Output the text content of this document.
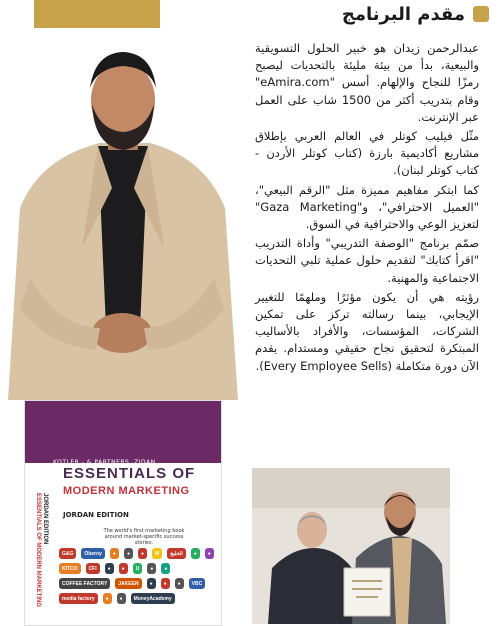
مقدم البرنامج
ESSENTIALS OF
MODERN MARKETING
JORDAN EDITION
The world's first marketing book around market-specific success stories.
ESSENTIALS OF MODERN MARKETING JORDAN EDITION
G&G	Oberoy	●	●	●	M	الخليج	●	●
KITCO	CFI	●	●	U	●	●
COFFEE FACTORY	JAKEEN	●	●	●	VBC
media factory	●	●	MoneyAcademy

عبدالرحمن زيدان هو خبير الحلول التسويقية والبيعية، بدأ من بيئة مليئة بالتحديات ليصبح رمزًا للنجاح والإلهام. أسس "eAmira.com" وقام بتدريب أكثر من 1500 شاب على العمل عبر الإنترنت.

مثّل فيليب كوتلر في العالم العربي بإطلاق مشاريع أكاديمية بارزة (كتاب كوتلر الأردن - كتاب كوتلر لبنان).

كما ابتكر مفاهيم مميزة مثل "الرقم البيعي"، "العميل الاحترافي"، و"Gaza Marketing" لتعزيز الوعي والاحترافية في السوق.

صمّم برنامج "الوصفة التدريبي" وأداة التدريب "اقرأ كتابك" لتقديم حلول عملية تلبي التحديات الاجتماعية والمهنية.

رؤيته هي أن يكون مؤثرًا وملهمًا للتغيير الإيجابي، بينما رسالته تركز على تمكين الشركات، المؤسسات، والأفراد بالأساليب المبتكرة لتحقيق نجاح حقيقي ومستدام. يقدم الآن دورة متكاملة (Every Employee Sells).
